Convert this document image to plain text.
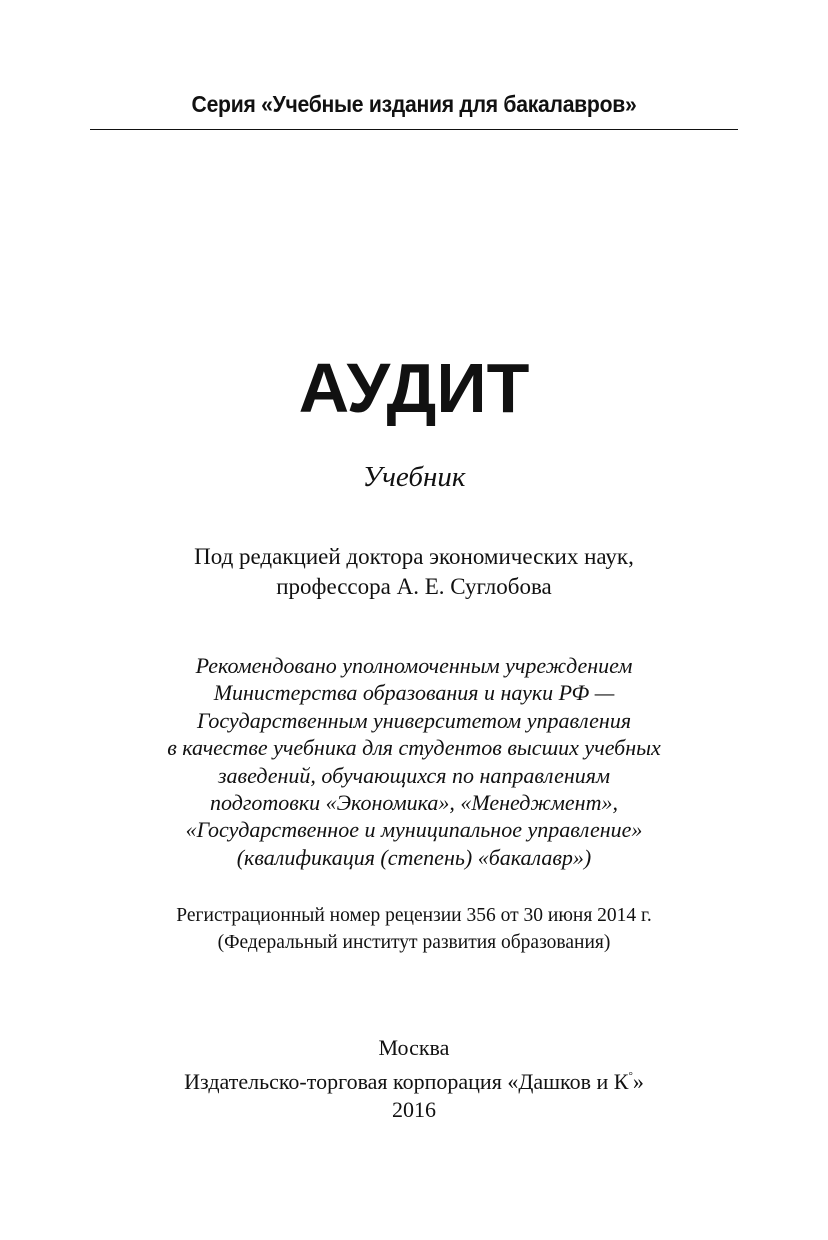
Серия «Учебные издания для бакалавров»
АУДИТ
Учебник
Под редакцией доктора экономических наук,
профессора А. Е. Суглобова
Рекомендовано уполномоченным учреждением
Министерства образования и науки РФ —
Государственным университетом управления
в качестве учебника для студентов высших учебных
заведений, обучающихся по направлениям
подготовки «Экономика», «Менеджмент»,
«Государственное и муниципальное управление»
(квалификация (степень) «бакалавр»)
Регистрационный номер рецензии 356 от 30 июня 2014 г.
(Федеральный институт развития образования)
Москва
Издательско-торговая корпорация «Дашков и К°»
2016
